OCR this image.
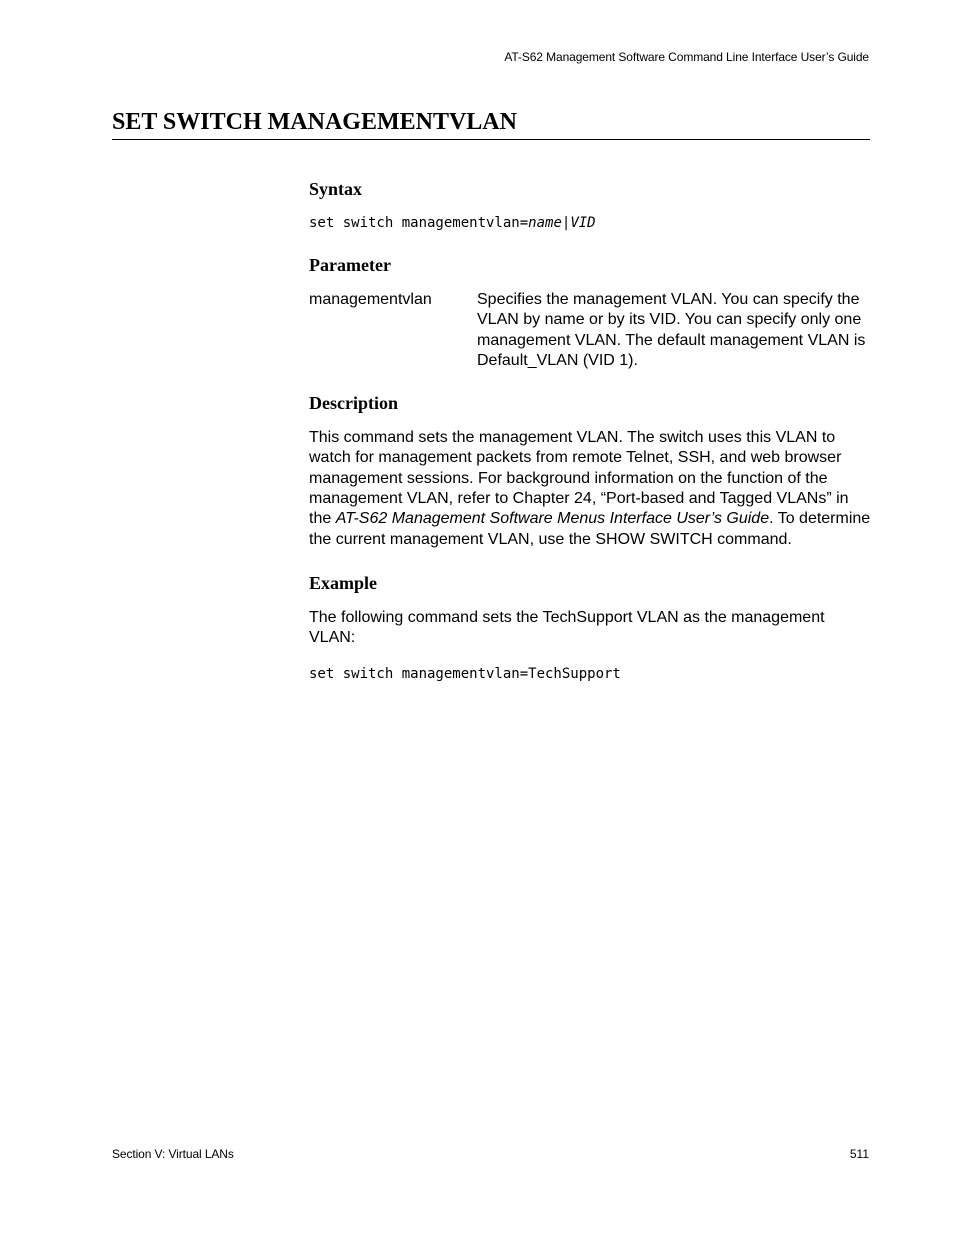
AT-S62 Management Software Command Line Interface User’s Guide
SET SWITCH MANAGEMENTVLAN
Syntax
set switch managementvlan=name|VID
Parameter
managementvlan	Specifies the management VLAN. You can specify the VLAN by name or by its VID. You can specify only one management VLAN. The default management VLAN is Default_VLAN (VID 1).
Description

This command sets the management VLAN. The switch uses this VLAN to watch for management packets from remote Telnet, SSH, and web browser management sessions. For background information on the function of the management VLAN, refer to Chapter 24, “Port-based and Tagged VLANs” in the AT-S62 Management Software Menus Interface User’s Guide. To determine the current management VLAN, use the SHOW SWITCH command.

Example

The following command sets the TechSupport VLAN as the management VLAN:

set switch managementvlan=TechSupport
Section V: Virtual LANs	511
